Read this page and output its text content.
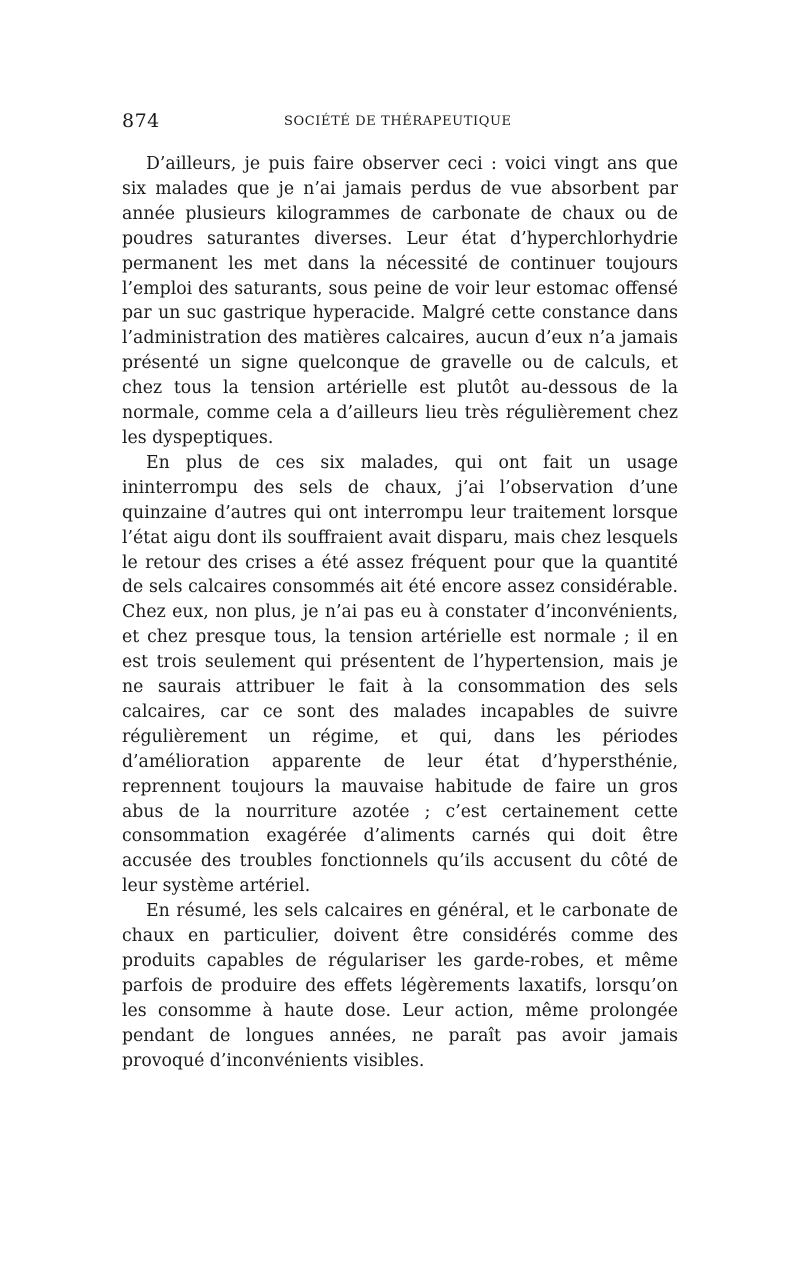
874	SOCIÉTÉ DE THÉRAPEUTIQUE

D’ailleurs, je puis faire observer ceci : voici vingt ans que six malades que je n’ai jamais perdus de vue absorbent par année plusieurs kilogrammes de carbonate de chaux ou de poudres saturantes diverses. Leur état d’hyperchlorhydrie permanent les met dans la nécessité de continuer toujours l’emploi des saturants, sous peine de voir leur estomac offensé par un suc gastrique hyperacide. Malgré cette constance dans l’administration des matières calcaires, aucun d’eux n’a jamais présenté un signe quelconque de gravelle ou de calculs, et chez tous la tension artérielle est plutôt au-dessous de la normale, comme cela a d’ailleurs lieu très régulièrement chez les dyspeptiques.

En plus de ces six malades, qui ont fait un usage ininterrompu des sels de chaux, j’ai l’observation d’une quinzaine d’autres qui ont interrompu leur traitement lorsque l’état aigu dont ils souffraient avait disparu, mais chez lesquels le retour des crises a été assez fréquent pour que la quantité de sels calcaires consommés ait été encore assez considérable. Chez eux, non plus, je n’ai pas eu à constater d’inconvénients, et chez presque tous, la tension artérielle est normale ; il en est trois seulement qui présentent de l’hypertension, mais je ne saurais attribuer le fait à la consommation des sels calcaires, car ce sont des malades incapables de suivre régulièrement un régime, et qui, dans les périodes d’amélioration apparente de leur état d’hypersthénie, reprennent toujours la mauvaise habitude de faire un gros abus de la nourriture azotée ; c’est certainement cette consommation exagérée d’aliments carnés qui doit être accusée des troubles fonctionnels qu’ils accusent du côté de leur système artériel.

En résumé, les sels calcaires en général, et le carbonate de chaux en particulier, doivent être considérés comme des produits capables de régulariser les garde-robes, et même parfois de produire des effets légèrements laxatifs, lorsqu’on les consomme à haute dose. Leur action, même prolongée pendant de longues années, ne paraît pas avoir jamais provoqué d’inconvénients visibles.
